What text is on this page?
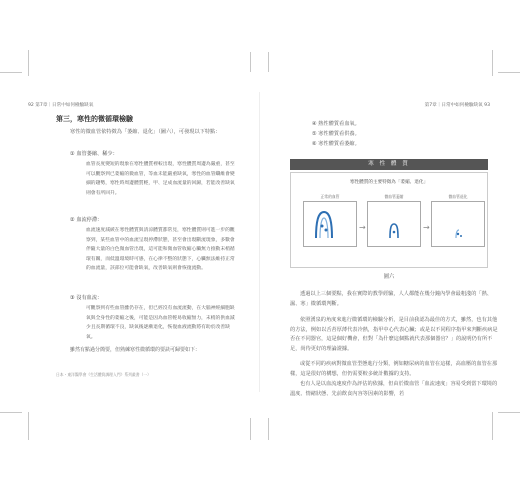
92 第7章｜日常中如何檢驗缺氧
第三，寒性的微循環檢驗
寒性的微血管依特徵為「萎縮、退化」（圖六），可發現以下特點：
① 血管萎縮、稀少：
血管長度變短的現象在寒性體質裡較出現，寒性體質周邊為嚴重，甚至可以觀察到已萎縮的微血管，等血未能嚴重缺氧，寒性的血管纖維會變細的趨勢，寒性時周邊體質輕，甲、足成血流量的回歸，若能改善缺氧則會有所回升。
② 血流停滯：
血流速度減緩在寒性體質與清涼體質都常見，寒性體質則可進一步的觀察到，某些血管中的血流呈現停滯狀態，甚至會出現斷流現象，多數會伴隨大量的白色微血管出現，這可能和微血管收縮心臟無力推動末梢循環有關，而低溫環境時可感，在心律不整的狀態下，心臟無法維持正常的血流量，該部位可能會缺氧，改善缺氧則會恢復流動。
③ 沒有血流：
可觀察到有些血管雖仍存在，但已經沒有血流流動，在大腦神經細胞缺氧與全身性的萎縮之後，可能是因為血管輕易收縮無力，末梢的供血減少且長期循環不良，缺氧後逐漸退化，恢復血液流動將有助於改善缺氧。
雖然有點過分簡要，但熟練寒性微循環的要訣可歸要如下：
日本・東洋醫學會《生活體質調理入門》系列叢書（一）
第7章｜日常中如何檢驗缺氧 93
④ 熱性體質看血氧。
⑤ 寒性體質看供養。
⑥ 寒性體質看萎縮。
寒 性 體 質
寒性體質的主要特徵為「萎縮、退化」
正常的血管
→
微血管萎縮
→
微血管退化
圖六
透過以上三個要點，我在實際的教學經驗，人人都能在幾分鐘內學會最粗淺的「熱、濕、寒」微循環判斷。
依照湧泉的角度來進行微循環的檢驗分析，是目前我認為最佳的方式，雖然，也有其他的方法，例如以舌苔厚薄代表冷熱，指甲中心代表心臟；或是以不同程序指甲來判斷疾病是否在不同器官，這是個好機會，但對「為什麼這個點就代表那個器官？」的說明仍有所不足，尚待更好的理論證據。
或從不同的疾病對微血管型態進行分類，例如糖尿病的血管在這樣，高血壓的血管在那樣，這是很好的構想，但仍需要較多統計數據的支持。
也有人是以血流速度作為評估的依據，但由於微血管「血流速度」容易受到當下環境的溫度、情緒狀態、先前飲食內容等因素的影響，若
